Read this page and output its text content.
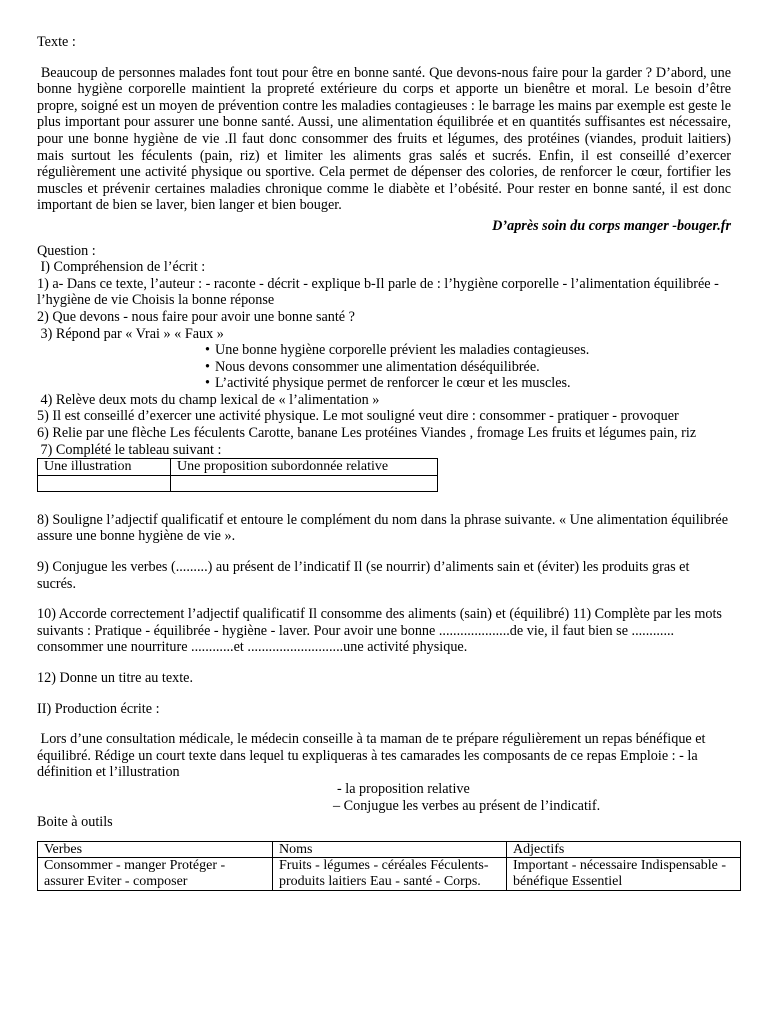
Texte :

Beaucoup de personnes malades font tout pour être en bonne santé. Que devons-nous faire pour la garder ? D’abord, une bonne hygiène corporelle maintient la propreté extérieure du corps et apporte un bienêtre et moral. Le besoin d’être propre, soigné est un moyen de prévention contre les maladies contagieuses : le barrage les mains par exemple est geste le plus important pour assurer une bonne santé. Aussi, une alimentation équilibrée et en quantités suffisantes est nécessaire, pour une bonne hygiène de vie .Il faut donc consommer des fruits et légumes, des protéines (viandes, produit laitiers) mais surtout les féculents (pain, riz) et limiter les aliments gras salés et sucrés. Enfin, il est conseillé d’exercer régulièrement une activité physique ou sportive. Cela permet de dépenser des colories, de renforcer le cœur, fortifier les muscles et prévenir certaines maladies chronique comme le diabète et l’obésité. Pour rester en bonne santé, il est donc important de bien se laver, bien langer et bien bouger.

D’après soin du corps manger -bouger.fr

Question :

I) Compréhension de l’écrit :

1) a- Dans ce texte, l’auteur : - raconte - décrit - explique b-Il parle de : l’hygiène corporelle - l’alimentation équilibrée - l’hygiène de vie Choisis la bonne réponse

2) Que devons - nous faire pour avoir une bonne santé ?

3) Répond par « Vrai » « Faux »

• Une bonne hygiène corporelle prévient les maladies contagieuses.
• Nous devons consommer une alimentation déséquilibrée.
• L’activité physique permet de renforcer le cœur et les muscles.

4) Relève deux mots du champ lexical de « l’alimentation »

5) Il est conseillé d’exercer une activité physique. Le mot souligné veut dire : consommer - pratiquer - provoquer

6) Relie par une flèche Les féculents Carotte, banane Les protéines Viandes , fromage Les fruits et légumes pain, riz

7) Complété le tableau suivant :

Une illustration	Une proposition subordonnée relative

8) Souligne l’adjectif qualificatif et entoure le complément du nom dans la phrase suivante. « Une alimentation équilibrée assure une bonne hygiène de vie ».

9) Conjugue les verbes (.........) au présent de l’indicatif Il (se nourrir) d’aliments sain et (éviter) les produits gras et sucrés.

10) Accorde correctement l’adjectif qualificatif Il consomme des aliments (sain) et (équilibré) 11) Complète par les mots suivants : Pratique - équilibrée - hygiène - laver. Pour avoir une bonne ....................de vie, il faut bien se ............ consommer une nourriture ............et ...........................une activité physique.

12) Donne un titre au texte.

II) Production écrite :

Lors d’une consultation médicale, le médecin conseille à ta maman de te prépare régulièrement un repas bénéfique et équilibré. Rédige un court texte dans lequel tu expliqueras à tes camarades les composants de ce repas Emploie : - la définition et l’illustration

- la proposition relative

– Conjugue les verbes au présent de l’indicatif.

Boite à outils

Verbes	Noms	Adjectifs
Consommer - manger Protéger - assurer Eviter - composer	Fruits - légumes - céréales Féculents- produits laitiers Eau - santé - Corps.	Important - nécessaire Indispensable - bénéfique Essentiel
